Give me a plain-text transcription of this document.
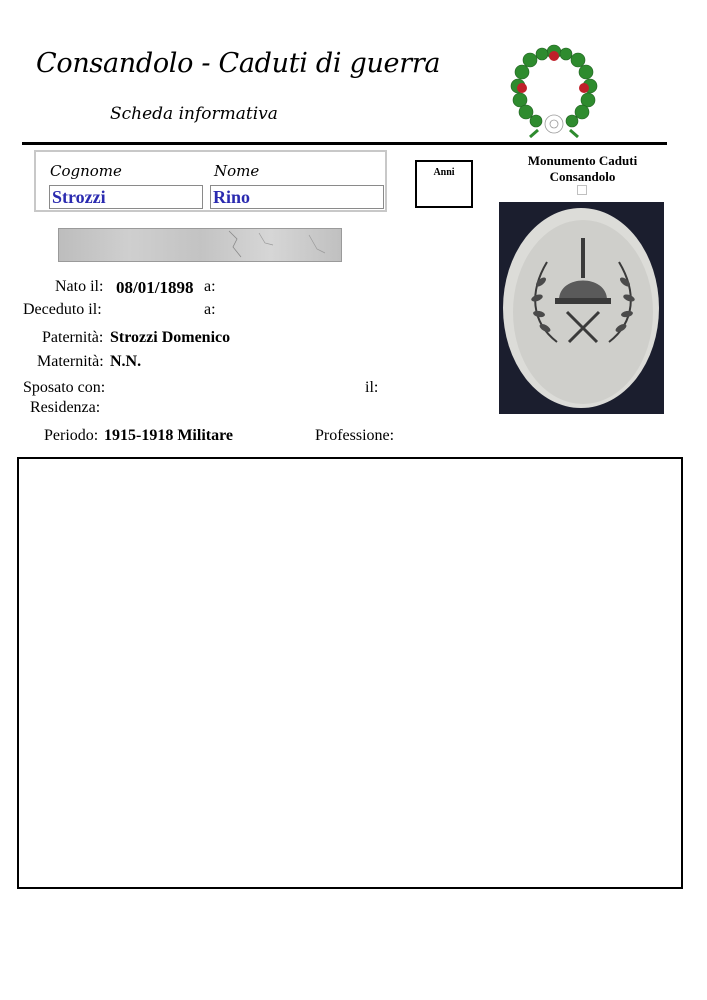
Consandolo - Caduti di guerra
Scheda informativa
Cognome	Nome
Strozzi	Rino
Anni
Monumento Caduti
Consandolo
Nato il: 08/01/1898 a:
Deceduto il:	a:
Paternità: Strozzi Domenico
Maternità: N.N.
Sposato con:	il:
Residenza:
Periodo: 1915-1918 Militare	Professione:
